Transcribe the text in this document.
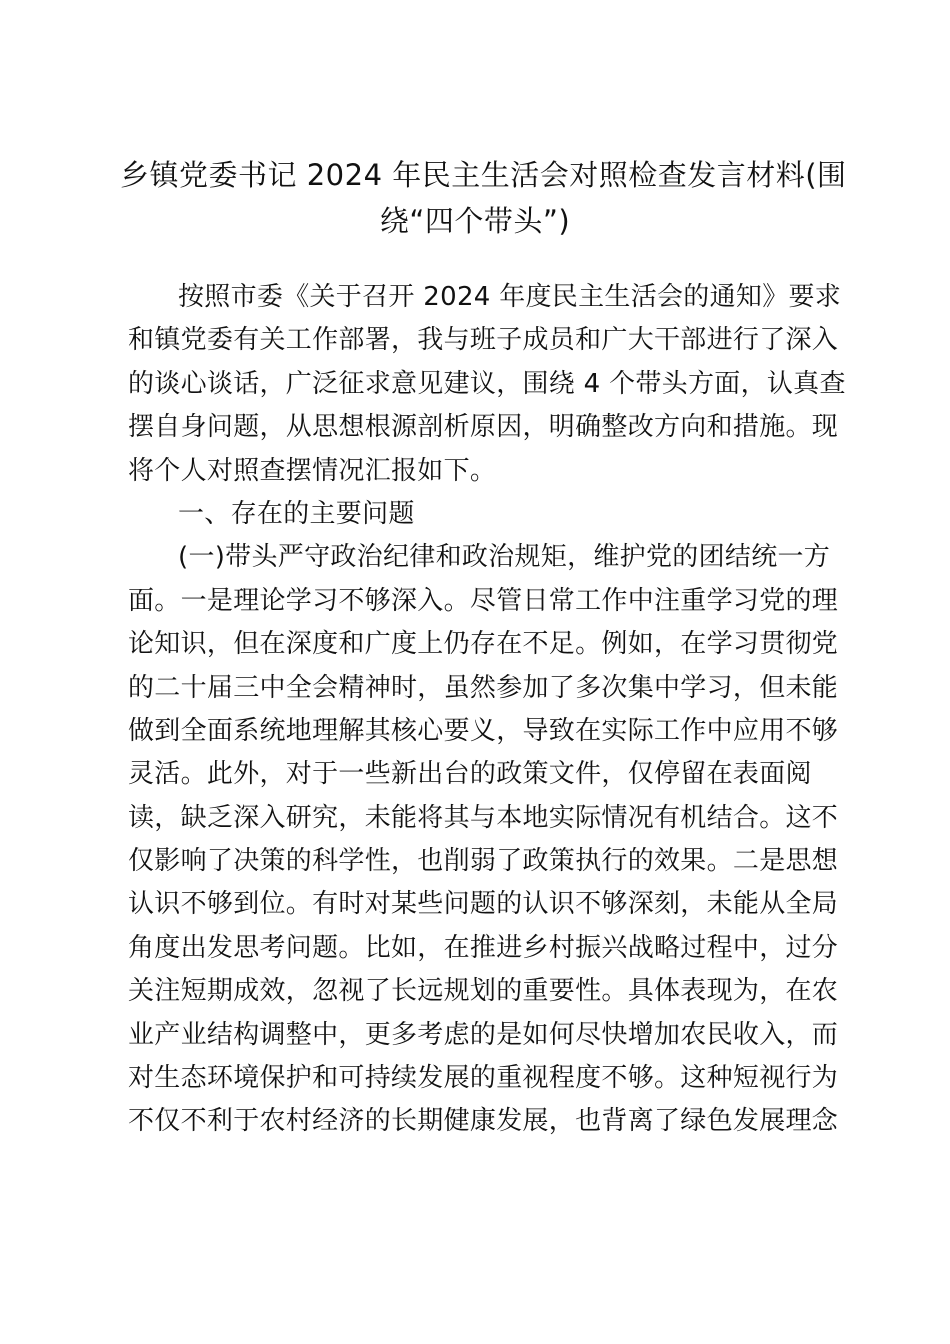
乡镇党委书记 2024 年民主生活会对照检查发言材料(围
绕“四个带头”)
按照市委《关于召开 2024 年度民主生活会的通知》要求
和镇党委有关工作部署，我与班子成员和广大干部进行了深入
的谈心谈话，广泛征求意见建议，围绕 4 个带头方面，认真查
摆自身问题，从思想根源剖析原因，明确整改方向和措施。现
将个人对照查摆情况汇报如下。
一、存在的主要问题
(一)带头严守政治纪律和政治规矩，维护党的团结统一方
面。一是理论学习不够深入。尽管日常工作中注重学习党的理
论知识，但在深度和广度上仍存在不足。例如，在学习贯彻党
的二十届三中全会精神时，虽然参加了多次集中学习，但未能
做到全面系统地理解其核心要义，导致在实际工作中应用不够
灵活。此外，对于一些新出台的政策文件，仅停留在表面阅
读，缺乏深入研究，未能将其与本地实际情况有机结合。这不
仅影响了决策的科学性，也削弱了政策执行的效果。二是思想
认识不够到位。有时对某些问题的认识不够深刻，未能从全局
角度出发思考问题。比如，在推进乡村振兴战略过程中，过分
关注短期成效，忽视了长远规划的重要性。具体表现为，在农
业产业结构调整中，更多考虑的是如何尽快增加农民收入，而
对生态环境保护和可持续发展的重视程度不够。这种短视行为
不仅不利于农村经济的长期健康发展，也背离了绿色发展理念
